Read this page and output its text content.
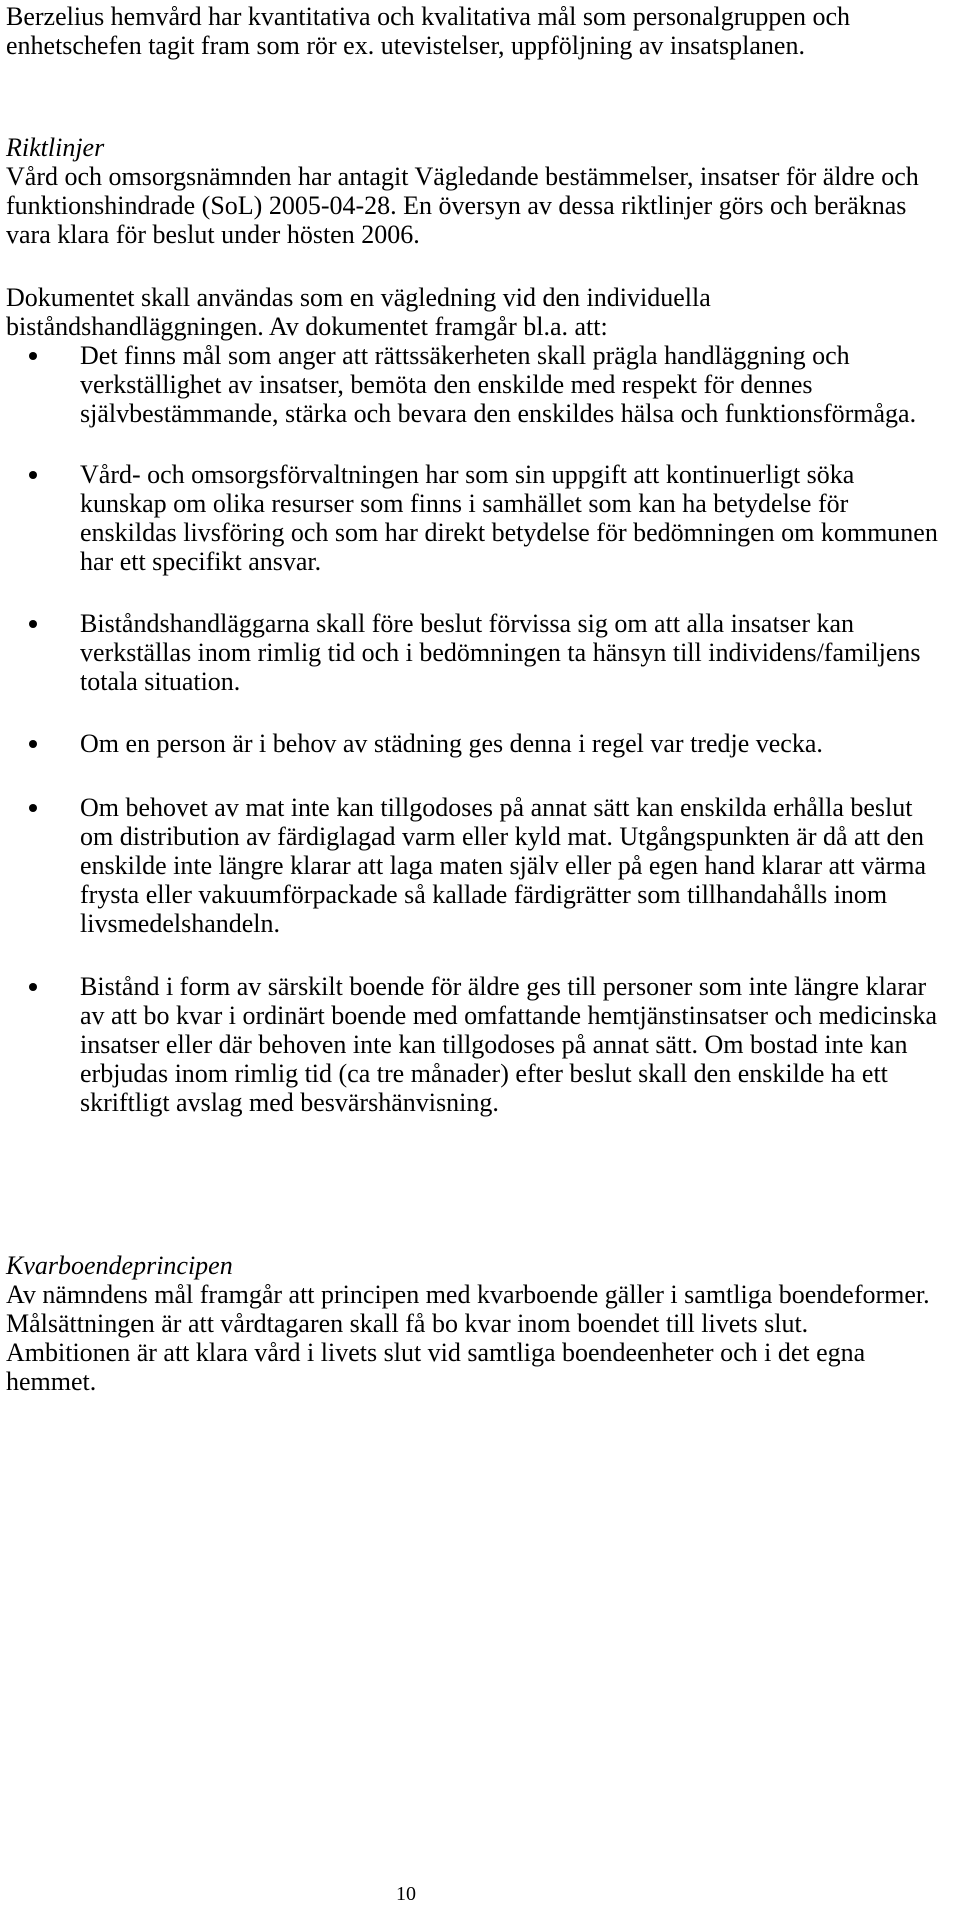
Berzelius hemvård har kvantitativa och kvalitativa mål som personalgruppen och enhetschefen tagit fram som rör ex. utevistelser, uppföljning av insatsplanen.

Riktlinjer

Vård och omsorgsnämnden har antagit Vägledande bestämmelser, insatser för äldre och funktionshindrade (SoL) 2005-04-28. En översyn av dessa riktlinjer görs och beräknas vara klara för beslut under hösten 2006.

Dokumentet skall användas som en vägledning vid den individuella biståndshandläggningen. Av dokumentet framgår bl.a. att:

Det finns mål som anger att rättssäkerheten skall prägla handläggning och verkställighet av insatser, bemöta den enskilde med respekt för dennes självbestämmande, stärka och bevara den enskildes hälsa och funktionsförmåga.
Vård- och omsorgsförvaltningen har som sin uppgift att kontinuerligt söka kunskap om olika resurser som finns i samhället som kan ha betydelse för enskildas livsföring och som har direkt betydelse för bedömningen om kommunen har ett specifikt ansvar.
Biståndshandläggarna skall före beslut förvissa sig om att alla insatser kan verkställas inom rimlig tid och i bedömningen ta hänsyn till individens/familjens totala situation.
Om en person är i behov av städning ges denna i regel var tredje vecka.
Om behovet av mat inte kan tillgodoses på annat sätt kan enskilda erhålla beslut om distribution av färdiglagad varm eller kyld mat. Utgångspunkten är då att den enskilde inte längre klarar att laga maten själv eller på egen hand klarar att värma frysta eller vakuumförpackade så kallade färdigrätter som tillhandahålls inom livsmedelshandeln.
Bistånd i form av särskilt boende för äldre ges till personer som inte längre klarar av att bo kvar i ordinärt boende med omfattande hemtjänstinsatser och medicinska insatser eller där behoven inte kan tillgodoses på annat sätt. Om bostad inte kan erbjudas inom rimlig tid (ca tre månader) efter beslut skall den enskilde ha ett skriftligt avslag med besvärshänvisning.

Kvarboendeprincipen

Av nämndens mål framgår att principen med kvarboende gäller i samtliga boendeformer. Målsättningen är att vårdtagaren skall få bo kvar inom boendet till livets slut. Ambitionen är att klara vård i livets slut vid samtliga boendeenheter och i det egna hemmet.

10
